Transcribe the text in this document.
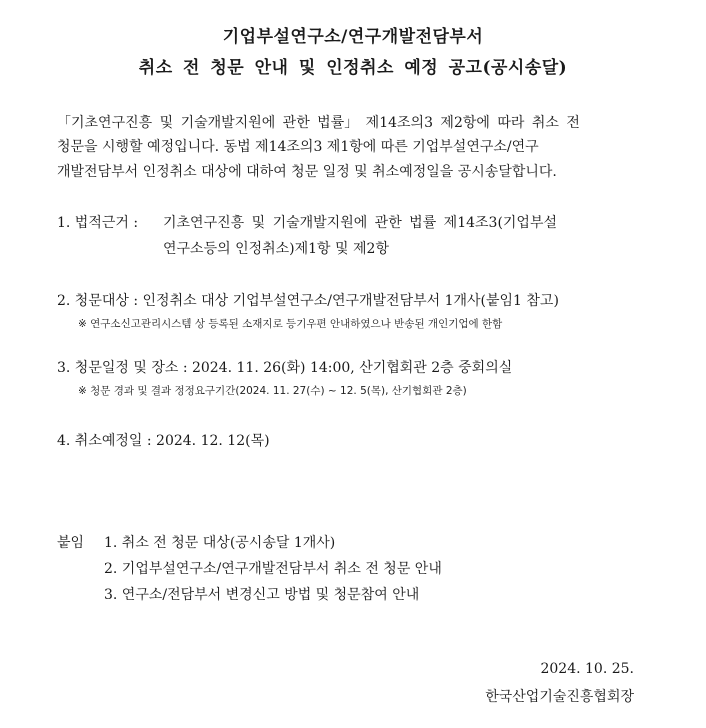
기업부설연구소/연구개발전담부서
취소 전 청문 안내 및 인정취소 예정 공고(공시송달)
「기초연구진흥 및 기술개발지원에 관한 법률」 제14조의3 제2항에 따라 취소 전
청문을 시행할 예정입니다. 동법 제14조의3 제1항에 따른 기업부설연구소/연구
개발전담부서 인정취소 대상에 대하여 청문 일정 및 취소예정일을 공시송달합니다.
1. 법적근거 : 기초연구진흥 및 기술개발지원에 관한 법률 제14조3(기업부설
연구소등의 인정취소)제1항 및 제2항
2. 청문대상 : 인정취소 대상 기업부설연구소/연구개발전담부서 1개사(붙임1 참고)
※ 연구소신고관리시스템 상 등록된 소재지로 등기우편 안내하였으나 반송된 개인기업에 한함
3. 청문일정 및 장소 : 2024. 11. 26(화) 14:00, 산기협회관 2층 중회의실
※ 청문 경과 및 결과 정정요구기간(2024. 11. 27(수) ~ 12. 5(목), 산기협회관 2층)
4. 취소예정일 : 2024. 12. 12(목)
붙임 1. 취소 전 청문 대상(공시송달 1개사)
2. 기업부설연구소/연구개발전담부서 취소 전 청문 안내
3. 연구소/전담부서 변경신고 방법 및 청문참여 안내
2024. 10. 25.
한국산업기술진흥협회장
